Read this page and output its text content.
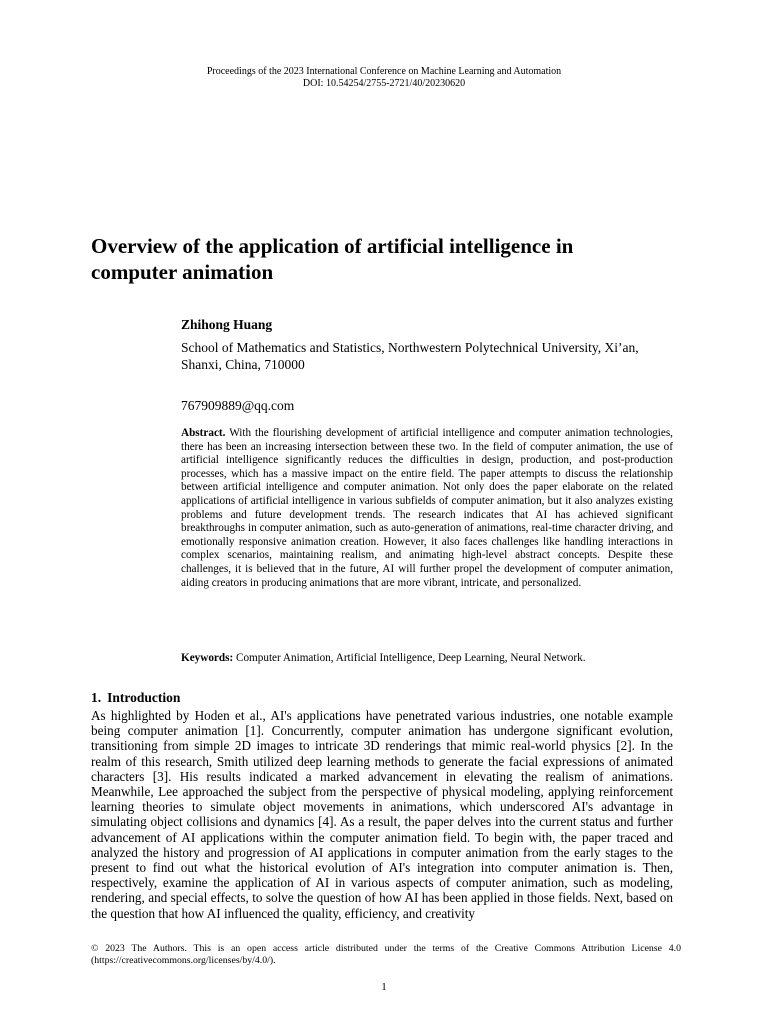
Proceedings of the 2023 International Conference on Machine Learning and Automation
DOI: 10.54254/2755-2721/40/20230620
Overview of the application of artificial intelligence in computer animation
Zhihong Huang
School of Mathematics and Statistics, Northwestern Polytechnical University, Xi’an, Shanxi, China, 710000
767909889@qq.com

Abstract. With the flourishing development of artificial intelligence and computer animation technologies, there has been an increasing intersection between these two. In the field of computer animation, the use of artificial intelligence significantly reduces the difficulties in design, production, and post-production processes, which has a massive impact on the entire field. The paper attempts to discuss the relationship between artificial intelligence and computer animation. Not only does the paper elaborate on the related applications of artificial intelligence in various subfields of computer animation, but it also analyzes existing problems and future development trends. The research indicates that AI has achieved significant breakthroughs in computer animation, such as auto-generation of animations, real-time character driving, and emotionally responsive animation creation. However, it also faces challenges like handling interactions in complex scenarios, maintaining realism, and animating high-level abstract concepts. Despite these challenges, it is believed that in the future, AI will further propel the development of computer animation, aiding creators in producing animations that are more vibrant, intricate, and personalized.

Keywords: Computer Animation, Artificial Intelligence, Deep Learning, Neural Network.
1. Introduction

As highlighted by Hoden et al., AI's applications have penetrated various industries, one notable example being computer animation [1]. Concurrently, computer animation has undergone significant evolution, transitioning from simple 2D images to intricate 3D renderings that mimic real-world physics [2]. In the realm of this research, Smith utilized deep learning methods to generate the facial expressions of animated characters [3]. His results indicated a marked advancement in elevating the realism of animations. Meanwhile, Lee approached the subject from the perspective of physical modeling, applying reinforcement learning theories to simulate object movements in animations, which underscored AI's advantage in simulating object collisions and dynamics [4]. As a result, the paper delves into the current status and further advancement of AI applications within the computer animation field. To begin with, the paper traced and analyzed the history and progression of AI applications in computer animation from the early stages to the present to find out what the historical evolution of AI's integration into computer animation is. Then, respectively, examine the application of AI in various aspects of computer animation, such as modeling, rendering, and special effects, to solve the question of how AI has been applied in those fields. Next, based on the question that how AI influenced the quality, efficiency, and creativity

© 2023 The Authors. This is an open access article distributed under the terms of the Creative Commons Attribution License 4.0 (https://creativecommons.org/licenses/by/4.0/).
1
